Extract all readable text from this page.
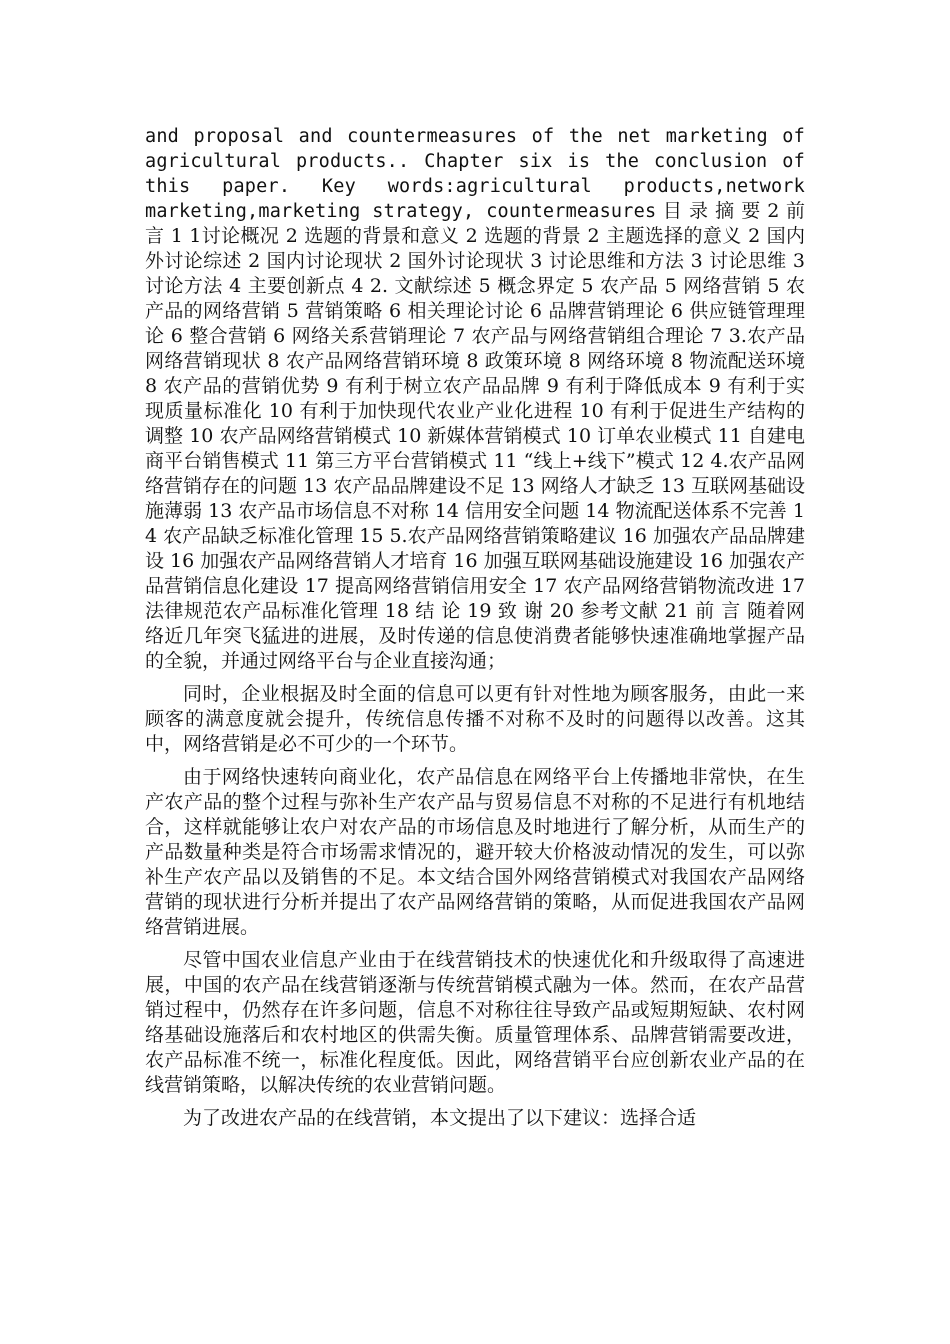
and proposal and countermeasures of the net marketing of agricultural products.. Chapter six is the conclusion of this paper. Key words:agricultural products,network marketing,marketing strategy, countermeasures 目 录 摘 要 2 前言 1 1讨论概况 2 选题的背景和意义 2 选题的背景 2 主题选择的意义 2 国内外讨论综述 2 国内讨论现状 2 国外讨论现状 3 讨论思维和方法 3 讨论思维 3 讨论方法 4 主要创新点 4 2. 文献综述 5 概念界定 5 农产品 5 网络营销 5 农产品的网络营销 5 营销策略 6 相关理论讨论 6 品牌营销理论 6 供应链管理理论 6 整合营销 6 网络关系营销理论 7 农产品与网络营销组合理论 7 3.农产品网络营销现状 8 农产品网络营销环境 8 政策环境 8 网络环境 8 物流配送环境 8 农产品的营销优势 9 有利于树立农产品品牌 9 有利于降低成本 9 有利于实现质量标准化 10 有利于加快现代农业产业化进程 10 有利于促进生产结构的调整 10 农产品网络营销模式 10 新媒体营销模式 10 订单农业模式 11 自建电商平台销售模式 11 第三方平台营销模式 11 “线上+线下”模式 12 4.农产品网络营销存在的问题 13 农产品品牌建设不足 13 网络人才缺乏 13 互联网基础设施薄弱 13 农产品市场信息不对称 14 信用安全问题 14 物流配送体系不完善 14 农产品缺乏标准化管理 15 5.农产品网络营销策略建议 16 加强农产品品牌建设 16 加强农产品网络营销人才培育 16 加强互联网基础设施建设 16 加强农产品营销信息化建设 17 提高网络营销信用安全 17 农产品网络营销物流改进 17 法律规范农产品标准化管理 18 结 论 19 致 谢 20 参考文献 21 前 言 随着网络近几年突飞猛进的进展，及时传递的信息使消费者能够快速准确地掌握产品的全貌，并通过网络平台与企业直接沟通；

同时，企业根据及时全面的信息可以更有针对性地为顾客服务，由此一来顾客的满意度就会提升，传统信息传播不对称不及时的问题得以改善。这其中，网络营销是必不可少的一个环节。

由于网络快速转向商业化，农产品信息在网络平台上传播地非常快，在生产农产品的整个过程与弥补生产农产品与贸易信息不对称的不足进行有机地结合，这样就能够让农户对农产品的市场信息及时地进行了解分析，从而生产的产品数量种类是符合市场需求情况的，避开较大价格波动情况的发生，可以弥补生产农产品以及销售的不足。本文结合国外网络营销模式对我国农产品网络营销的现状进行分析并提出了农产品网络营销的策略，从而促进我国农产品网络营销进展。

尽管中国农业信息产业由于在线营销技术的快速优化和升级取得了高速进展，中国的农产品在线营销逐渐与传统营销模式融为一体。然而，在农产品营销过程中，仍然存在许多问题，信息不对称往往导致产品或短期短缺、农村网络基础设施落后和农村地区的供需失衡。质量管理体系、品牌营销需要改进，农产品标准不统一，标准化程度低。因此，网络营销平台应创新农业产品的在线营销策略，以解决传统的农业营销问题。

为了改进农产品的在线营销，本文提出了以下建议：选择合适
